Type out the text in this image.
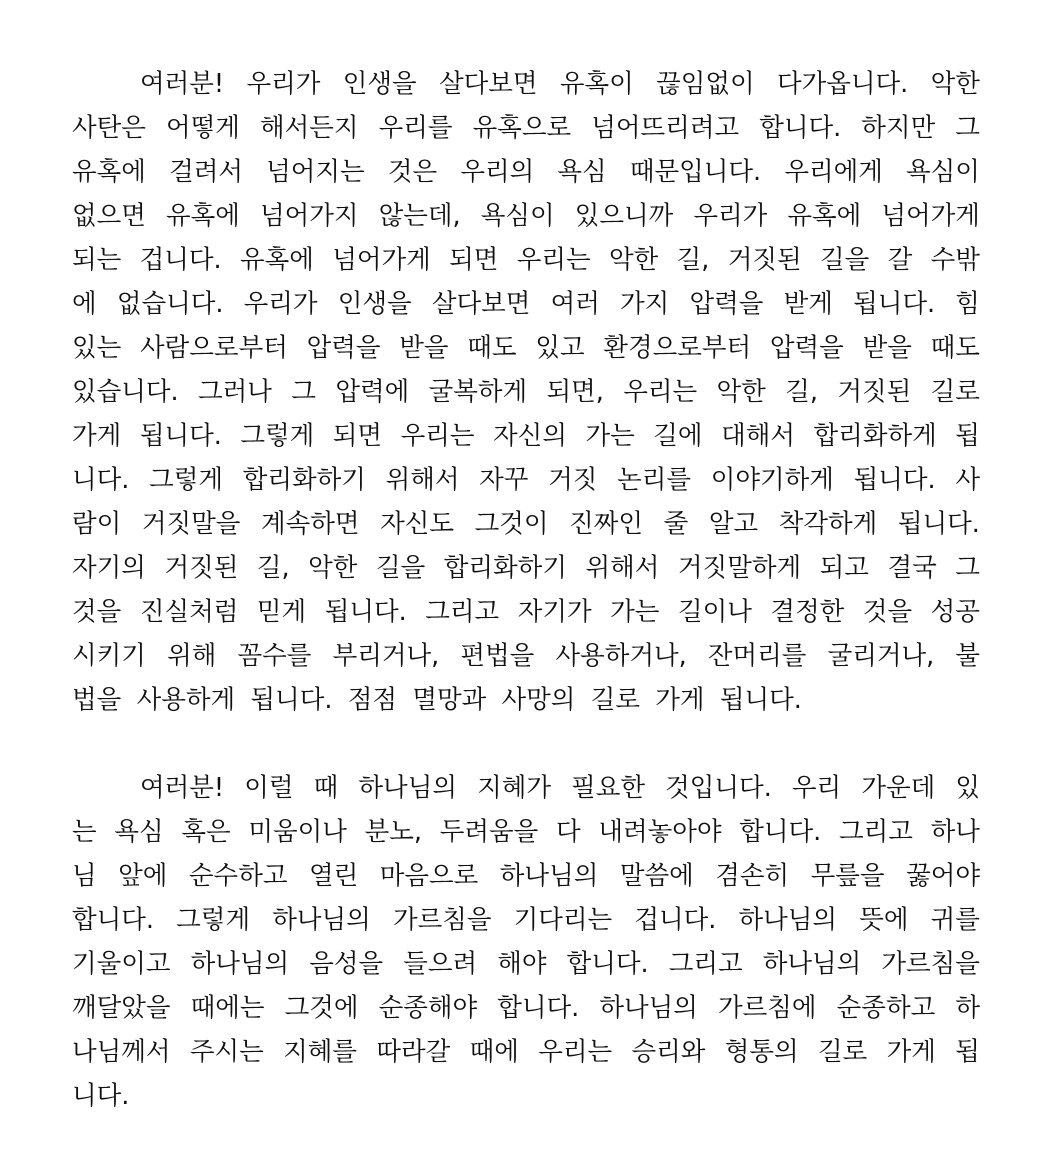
여러분! 우리가 인생을 살다보면 유혹이 끊임없이 다가옵니다. 악한
사탄은 어떻게 해서든지 우리를 유혹으로 넘어뜨리려고 합니다. 하지만 그
유혹에 걸려서 넘어지는 것은 우리의 욕심 때문입니다. 우리에게 욕심이
없으면 유혹에 넘어가지 않는데, 욕심이 있으니까 우리가 유혹에 넘어가게
되는 겁니다. 유혹에 넘어가게 되면 우리는 악한 길, 거짓된 길을 갈 수밖
에 없습니다. 우리가 인생을 살다보면 여러 가지 압력을 받게 됩니다. 힘
있는 사람으로부터 압력을 받을 때도 있고 환경으로부터 압력을 받을 때도
있습니다. 그러나 그 압력에 굴복하게 되면, 우리는 악한 길, 거짓된 길로
가게 됩니다. 그렇게 되면 우리는 자신의 가는 길에 대해서 합리화하게 됩
니다. 그렇게 합리화하기 위해서 자꾸 거짓 논리를 이야기하게 됩니다. 사
람이 거짓말을 계속하면 자신도 그것이 진짜인 줄 알고 착각하게 됩니다.
자기의 거짓된 길, 악한 길을 합리화하기 위해서 거짓말하게 되고 결국 그
것을 진실처럼 믿게 됩니다. 그리고 자기가 가는 길이나 결정한 것을 성공
시키기 위해 꼼수를 부리거나, 편법을 사용하거나, 잔머리를 굴리거나, 불
법을 사용하게 됩니다. 점점 멸망과 사망의 길로 가게 됩니다.
여러분! 이럴 때 하나님의 지혜가 필요한 것입니다. 우리 가운데 있
는 욕심 혹은 미움이나 분노, 두려움을 다 내려놓아야 합니다. 그리고 하나
님 앞에 순수하고 열린 마음으로 하나님의 말씀에 겸손히 무릎을 꿇어야
합니다. 그렇게 하나님의 가르침을 기다리는 겁니다. 하나님의 뜻에 귀를
기울이고 하나님의 음성을 들으려 해야 합니다. 그리고 하나님의 가르침을
깨달았을 때에는 그것에 순종해야 합니다. 하나님의 가르침에 순종하고 하
나님께서 주시는 지혜를 따라갈 때에 우리는 승리와 형통의 길로 가게 됩
니다.
